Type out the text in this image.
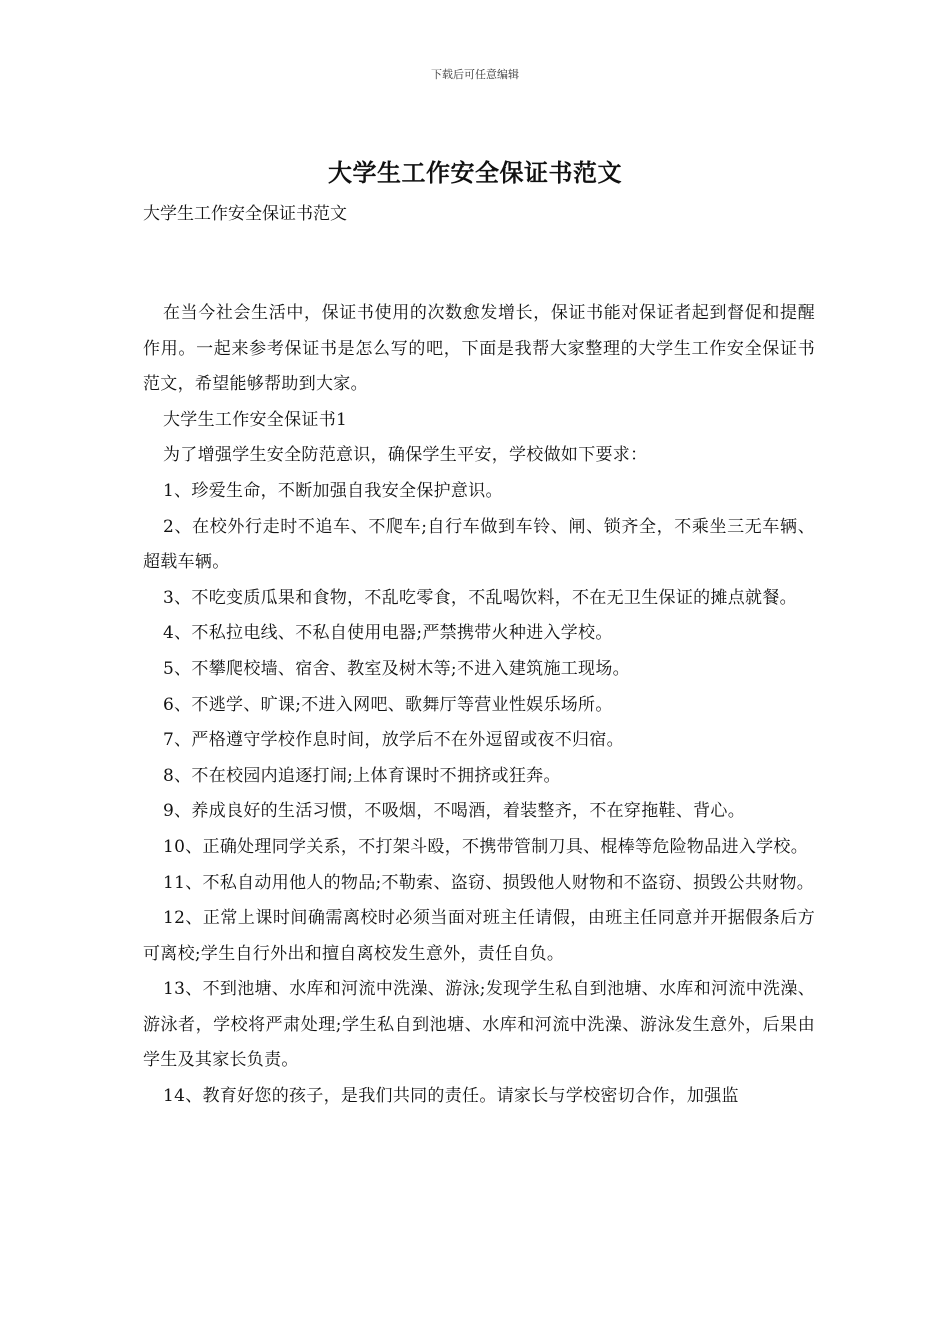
下载后可任意编辑
大学生工作安全保证书范文
大学生工作安全保证书范文

在当今社会生活中，保证书使用的次数愈发增长，保证书能对保证者起到督促和提醒作用。一起来参考保证书是怎么写的吧，下面是我帮大家整理的大学生工作安全保证书范文，希望能够帮助到大家。

大学生工作安全保证书1

为了增强学生安全防范意识，确保学生平安，学校做如下要求：

1、珍爱生命，不断加强自我安全保护意识。

2、在校外行走时不追车、不爬车;自行车做到车铃、闸、锁齐全，不乘坐三无车辆、超载车辆。

3、不吃变质瓜果和食物，不乱吃零食，不乱喝饮料，不在无卫生保证的摊点就餐。

4、不私拉电线、不私自使用电器;严禁携带火种进入学校。

5、不攀爬校墙、宿舍、教室及树木等;不进入建筑施工现场。

6、不逃学、旷课;不进入网吧、歌舞厅等营业性娱乐场所。

7、严格遵守学校作息时间，放学后不在外逗留或夜不归宿。

8、不在校园内追逐打闹;上体育课时不拥挤或狂奔。

9、养成良好的生活习惯，不吸烟，不喝酒，着装整齐，不在穿拖鞋、背心。

10、正确处理同学关系，不打架斗殴，不携带管制刀具、棍棒等危险物品进入学校。

11、不私自动用他人的物品;不勒索、盗窃、损毁他人财物和不盗窃、损毁公共财物。

12、正常上课时间确需离校时必须当面对班主任请假，由班主任同意并开据假条后方可离校;学生自行外出和擅自离校发生意外，责任自负。

13、不到池塘、水库和河流中洗澡、游泳;发现学生私自到池塘、水库和河流中洗澡、游泳者，学校将严肃处理;学生私自到池塘、水库和河流中洗澡、游泳发生意外，后果由学生及其家长负责。

14、教育好您的孩子，是我们共同的责任。请家长与学校密切合作，加强监
